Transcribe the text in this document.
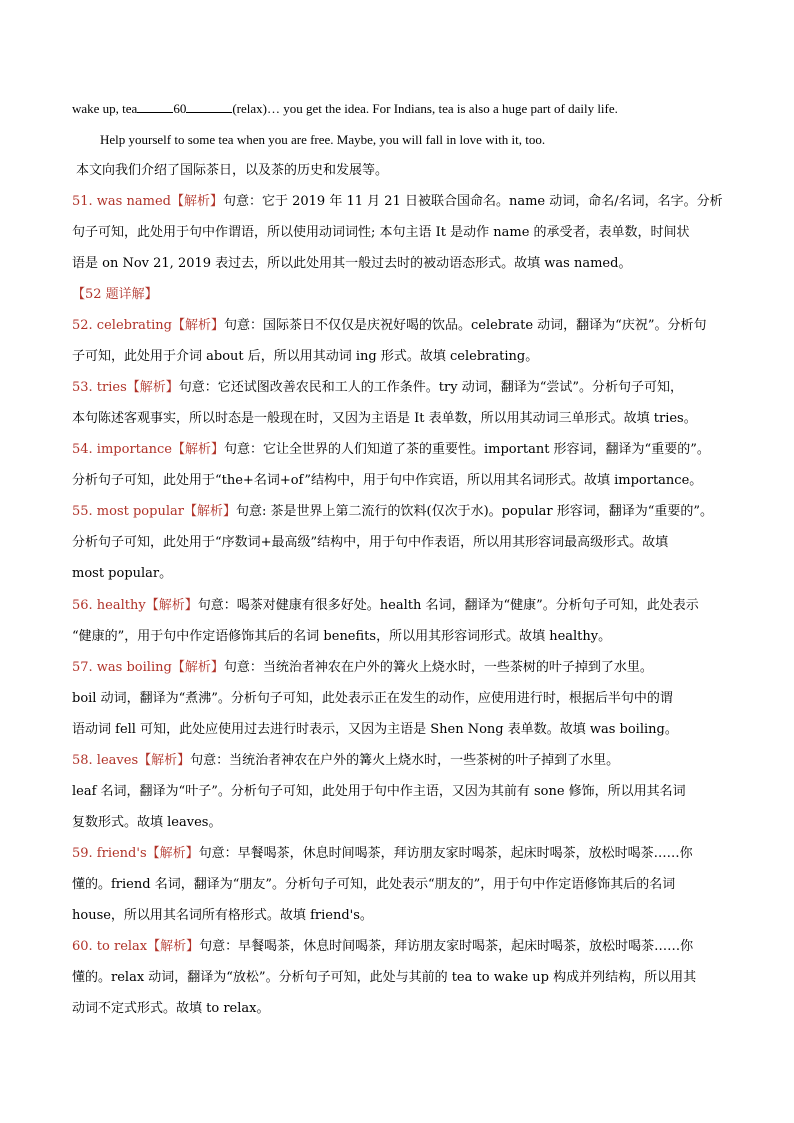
wake up, tea	60	(relax)… you get the idea. For Indians, tea is also a huge part of daily life.
Help yourself to some tea when you are free. Maybe, you will fall in love with it, too.
本文向我们介绍了国际茶日，以及茶的历史和发展等。
51. was named【解析】句意：它于 2019 年 11 月 21 日被联合国命名。name 动词，命名/名词，名字。分析
句子可知，此处用于句中作谓语，所以使用动词词性; 本句主语 It 是动作 name 的承受者，表单数，时间状
语是 on Nov 21, 2019 表过去，所以此处用其一般过去时的被动语态形式。故填 was named。
【52 题详解】
52. celebrating【解析】句意：国际茶日不仅仅是庆祝好喝的饮品。celebrate 动词，翻译为“庆祝”。分析句
子可知，此处用于介词 about 后，所以用其动词 ing 形式。故填 celebrating。
53. tries【解析】句意：它还试图改善农民和工人的工作条件。try 动词，翻译为“尝试”。分析句子可知，
本句陈述客观事实，所以时态是一般现在时，又因为主语是 It 表单数，所以用其动词三单形式。故填 tries。
54. importance【解析】句意：它让全世界的人们知道了茶的重要性。important 形容词，翻译为“重要的”。
分析句子可知，此处用于“the+名词+of”结构中，用于句中作宾语，所以用其名词形式。故填 importance。
55. most popular【解析】句意: 茶是世界上第二流行的饮料(仅次于水)。popular 形容词，翻译为“重要的”。
分析句子可知，此处用于“序数词+最高级”结构中，用于句中作表语，所以用其形容词最高级形式。故填
most popular。
56. healthy【解析】句意：喝茶对健康有很多好处。health 名词，翻译为“健康”。分析句子可知，此处表示
“健康的”，用于句中作定语修饰其后的名词 benefits，所以用其形容词形式。故填 healthy。
57. was boiling【解析】句意：当统治者神农在户外的篝火上烧水时，一些茶树的叶子掉到了水里。
boil 动词，翻译为“煮沸”。分析句子可知，此处表示正在发生的动作，应使用进行时，根据后半句中的谓
语动词 fell 可知，此处应使用过去进行时表示，又因为主语是 Shen Nong 表单数。故填 was boiling。
58. leaves【解析】句意：当统治者神农在户外的篝火上烧水时，一些茶树的叶子掉到了水里。
leaf 名词，翻译为“叶子”。分析句子可知，此处用于句中作主语，又因为其前有 sone 修饰，所以用其名词
复数形式。故填 leaves。
59. friend's【解析】句意：早餐喝茶，休息时间喝茶，拜访朋友家时喝茶，起床时喝茶，放松时喝茶……你
懂的。friend 名词，翻译为“朋友”。分析句子可知，此处表示“朋友的”，用于句中作定语修饰其后的名词
house，所以用其名词所有格形式。故填 friend's。
60. to relax【解析】句意：早餐喝茶，休息时间喝茶，拜访朋友家时喝茶，起床时喝茶，放松时喝茶……你
懂的。relax 动词，翻译为“放松”。分析句子可知，此处与其前的 tea to wake up 构成并列结构，所以用其
动词不定式形式。故填 to relax。
